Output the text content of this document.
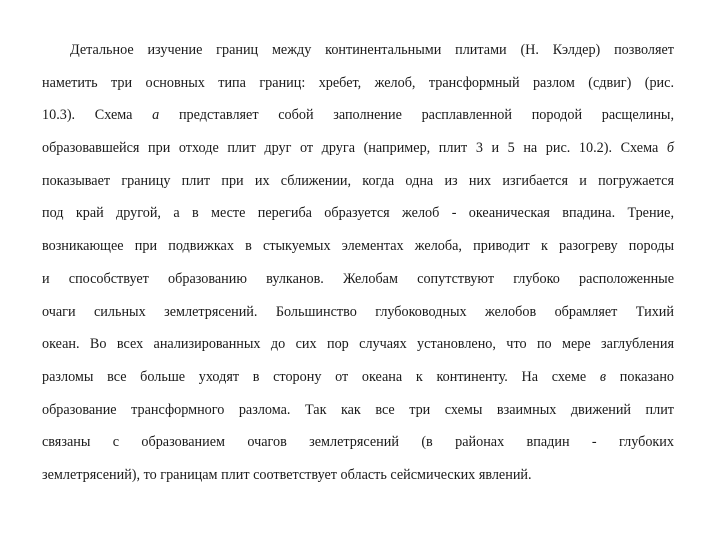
Детальное изучение границ между континентальными плитами (Н. Кэлдер) позволяет
наметить три основных типа границ: хребет, желоб, трансформный разлом (сдвиг) (рис.
10.3). Схема а представляет собой заполнение расплавленной породой расщелины,
образовавшейся при отходе плит друг от друга (например, плит 3 и 5 на рис. 10.2). Схема б
показывает границу плит при их сближении, когда одна из них изгибается и погружается
под край другой, а в месте перегиба образуется желоб - океаническая впадина. Трение,
возникающее при подвижках в стыкуемых элементах желоба, приводит к разогреву породы
и способствует образованию вулканов. Желобам сопутствуют глубоко расположенные
очаги сильных землетрясений. Большинство глубоководных желобов обрамляет Тихий
океан. Во всех анализированных до сих пор случаях установлено, что по мере заглубления
разломы все больше уходят в сторону от океана к континенту. На схеме в показано
образование трансформного разлома. Так как все три схемы взаимных движений плит
связаны с образованием очагов землетрясений (в районах впадин - глубоких
землетрясений), то границам плит соответствует область сейсмических явлений.
